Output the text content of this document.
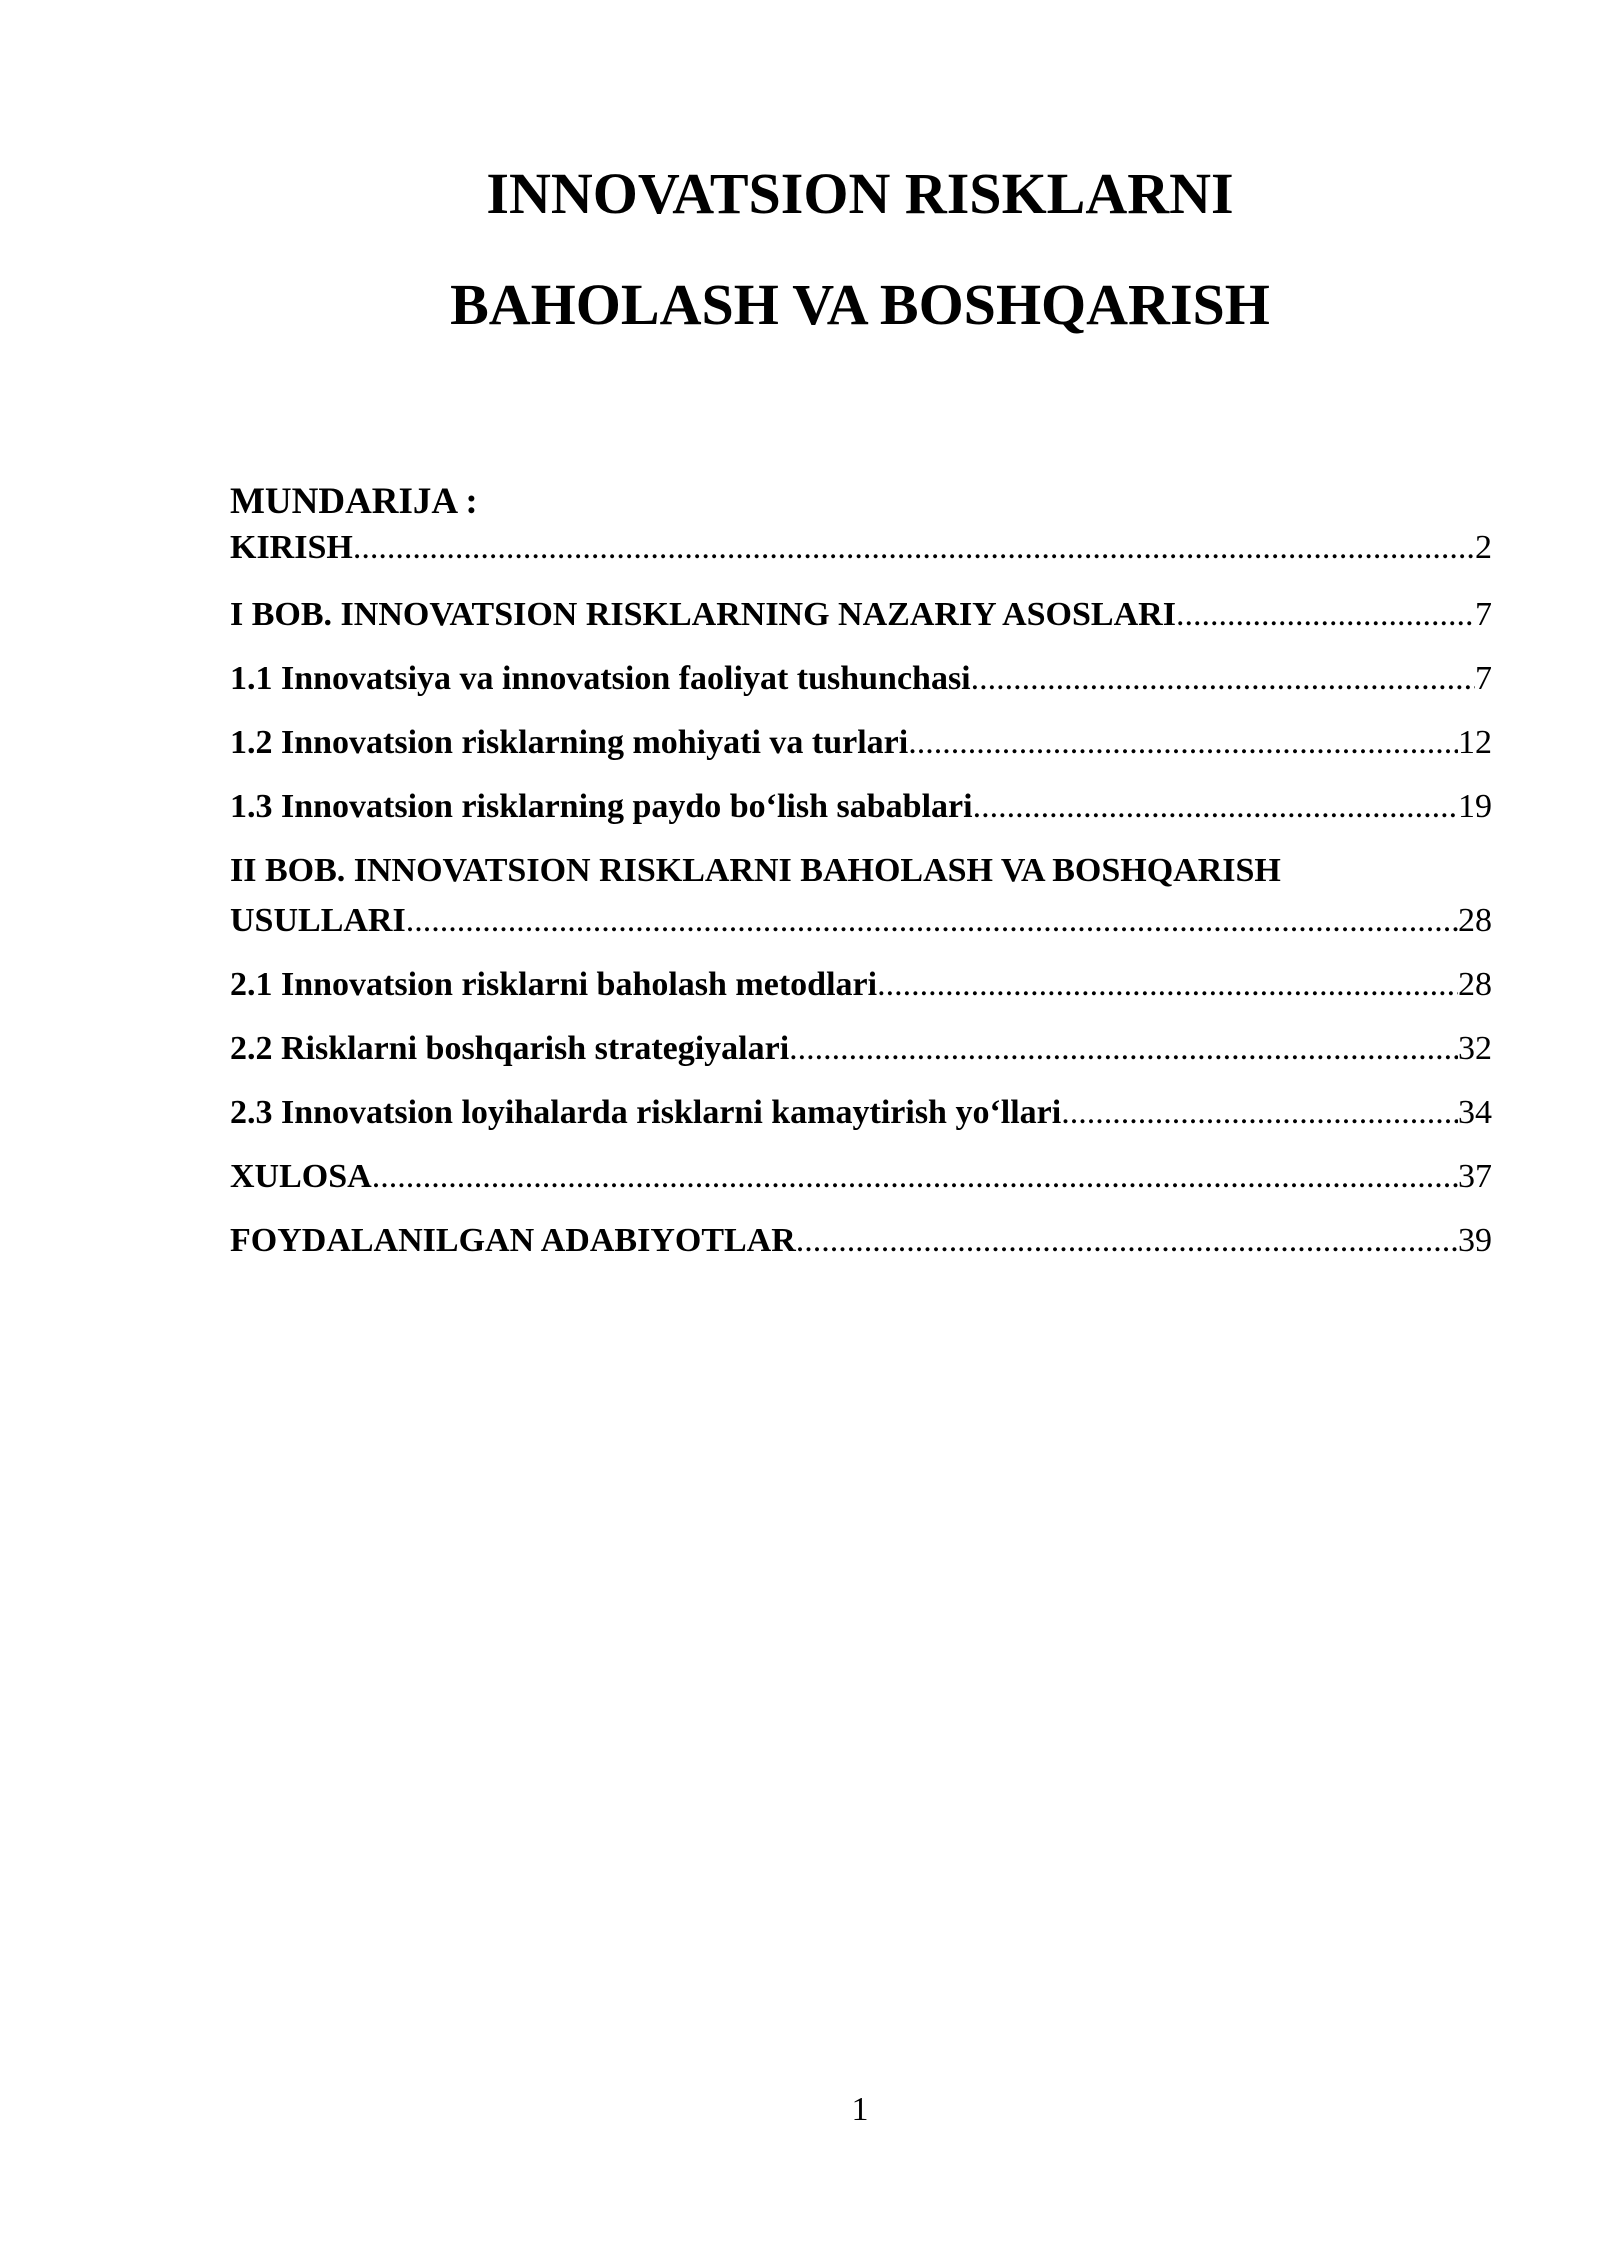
INNOVATSION RISKLARNI
BAHOLASH VA BOSHQARISH
MUNDARIJA :
KIRISH .....	2
I BOB. INNOVATSION RISKLARNING NAZARIY ASOSLARI .....	7
1.1 Innovatsiya va innovatsion faoliyat tushunchasi .....	7
1.2 Innovatsion risklarning mohiyati va turlari .....	12
1.3 Innovatsion risklarning paydo bo‘lish sabablari .....	19
II BOB. INNOVATSION RISKLARNI BAHOLASH VA BOSHQARISH
USULLARI .....	28
2.1 Innovatsion risklarni baholash metodlari .....	28
2.2 Risklarni boshqarish strategiyalari .....	32
2.3 Innovatsion loyihalarda risklarni kamaytirish yo‘llari .....	34
XULOSA .....	37
FOYDALANILGAN ADABIYOTLAR .....	39
1
